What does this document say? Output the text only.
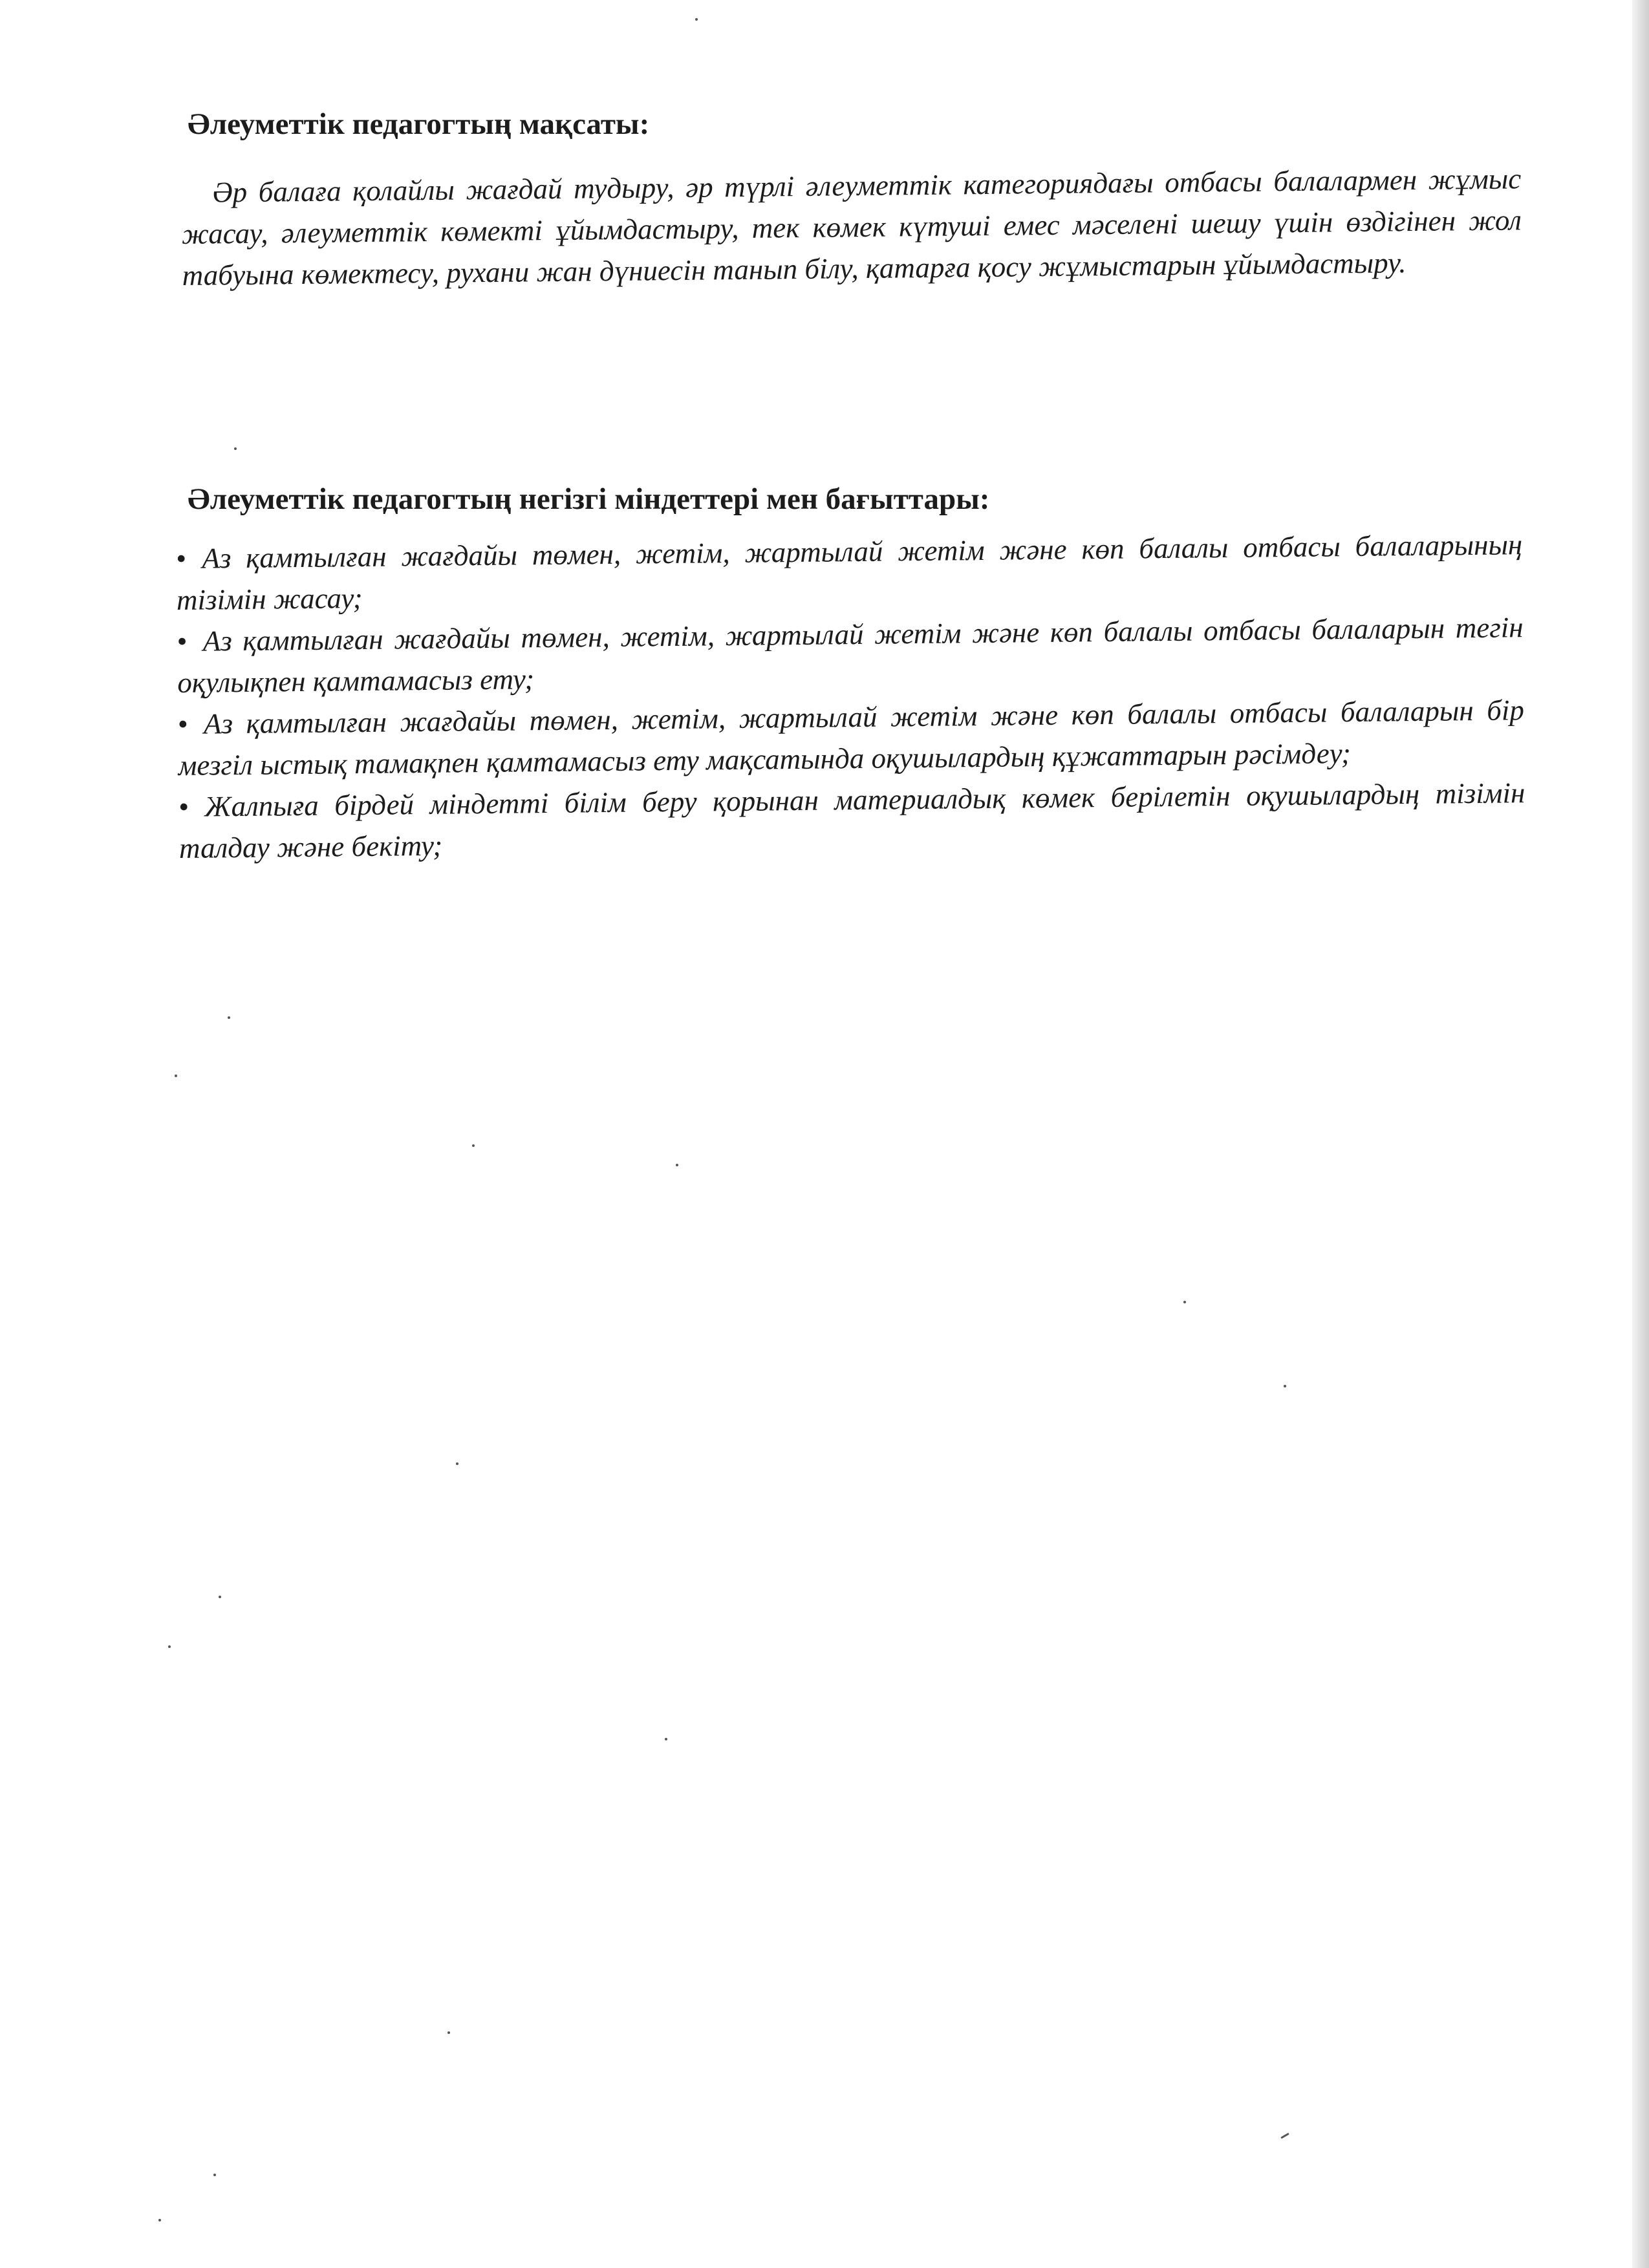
Әлеуметтік педагогтың мақсаты:

Әр балаға қолайлы жағдай тудыру, әр түрлі әлеуметтік категориядағы отбасы балалармен жұмыс жасау, әлеуметтік көмекті ұйымдастыру, тек көмек күтуші емес мәселені шешу үшін өздігінен жол табуына көмектесу, рухани жан дүниесін танып білу, қатарға қосу жұмыстарын ұйымдастыру.

Әлеуметтік педагогтың негізгі міндеттері мен бағыттары:
• Аз қамтылған жағдайы төмен, жетім, жартылай жетім және көп балалы отбасы балаларының тізімін жасау;
• Аз қамтылған жағдайы төмен, жетім, жартылай жетім және көп балалы отбасы балаларын тегін оқулықпен қамтамасыз ету;
• Аз қамтылған жағдайы төмен, жетім, жартылай жетім және көп балалы отбасы балаларын бір мезгіл ыстық тамақпен қамтамасыз ету мақсатында оқушылардың құжаттарын рәсімдеу;
• Жалпыға бірдей міндетті білім беру қорынан материалдық көмек берілетін оқушылардың тізімін талдау және бекіту;
